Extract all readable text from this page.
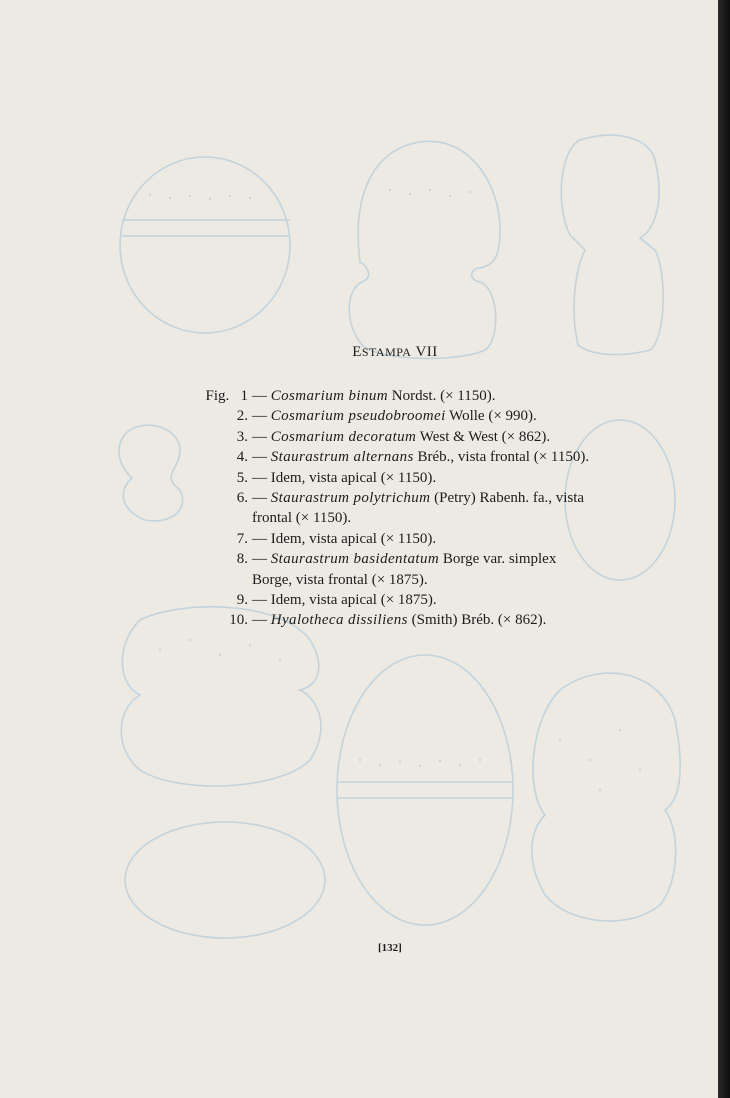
ESTAMPA VII
Fig. 1 — Cosmarium binum Nordst. (× 1150).
2. — Cosmarium pseudobroomei Wolle (× 990).
3. — Cosmarium decoratum West & West (× 862).
4. — Staurastrum alternans Bréb., vista frontal (× 1150).
5. — Idem, vista apical (× 1150).
6. — Staurastrum polytrichum (Petry) Rabenh. fa., vista
frontal (× 1150).
7. — Idem, vista apical (× 1150).
8. — Staurastrum basidentatum Borge var. simplex
Borge, vista frontal (× 1875).
9. — Idem, vista apical (× 1875).
10. — Hyalotheca dissiliens (Smith) Bréb. (× 862).
[132]
